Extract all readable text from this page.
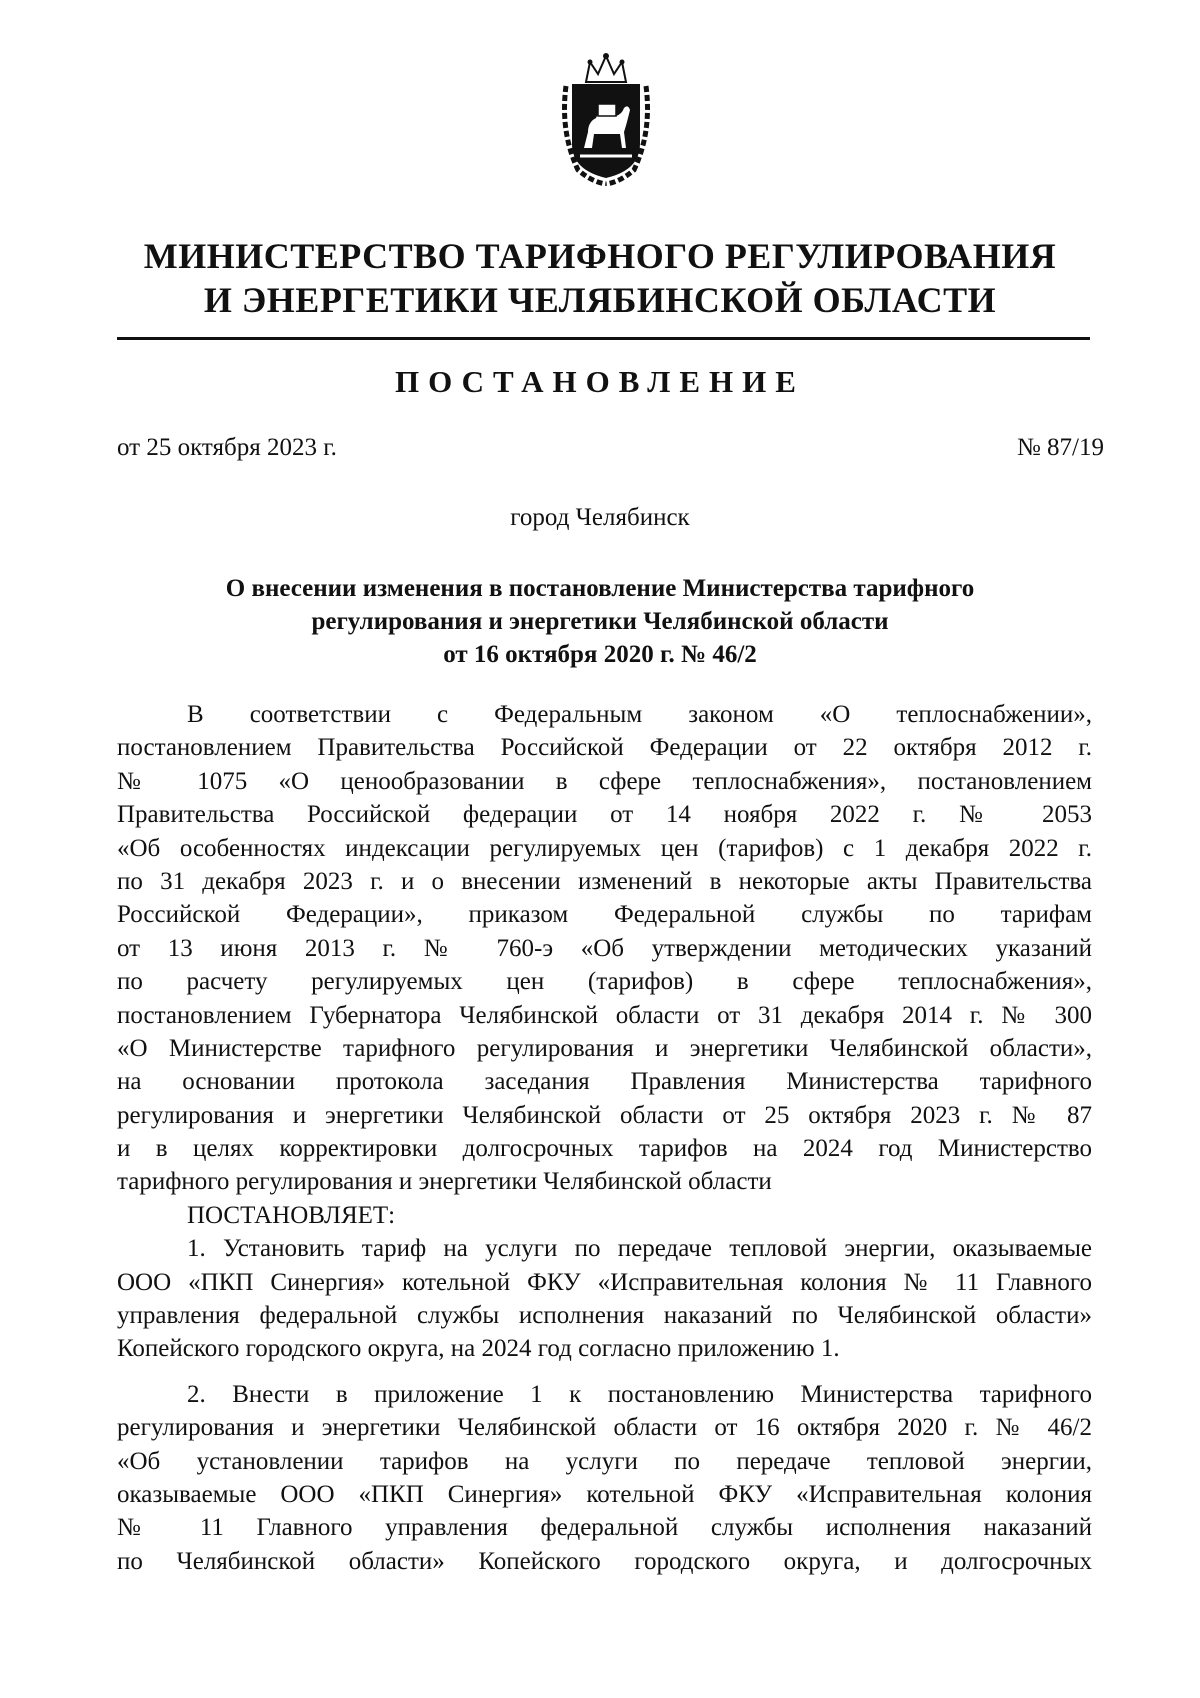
МИНИСТЕРСТВО ТАРИФНОГО РЕГУЛИРОВАНИЯ
И ЭНЕРГЕТИКИ ЧЕЛЯБИНСКОЙ ОБЛАСТИ
ПОСТАНОВЛЕНИЕ
от 25 октября 2023 г.	№ 87/19
город Челябинск
О внесении изменения в постановление Министерства тарифного
регулирования и энергетики Челябинской области
от 16 октября 2020 г. № 46/2
В соответствии с Федеральным законом «О теплоснабжении»,
постановлением Правительства Российской Федерации от 22 октября 2012 г.
№ 1075 «О ценообразовании в сфере теплоснабжения», постановлением
Правительства Российской федерации от 14 ноября 2022 г. № 2053
«Об особенностях индексации регулируемых цен (тарифов) с 1 декабря 2022 г.
по 31 декабря 2023 г. и о внесении изменений в некоторые акты Правительства
Российской Федерации», приказом Федеральной службы по тарифам
от 13 июня 2013 г. № 760-э «Об утверждении методических указаний
по расчету регулируемых цен (тарифов) в сфере теплоснабжения»,
постановлением Губернатора Челябинской области от 31 декабря 2014 г. № 300
«О Министерстве тарифного регулирования и энергетики Челябинской области»,
на основании протокола заседания Правления Министерства тарифного
регулирования и энергетики Челябинской области от 25 октября 2023 г. № 87
и в целях корректировки долгосрочных тарифов на 2024 год Министерство
тарифного регулирования и энергетики Челябинской области
ПОСТАНОВЛЯЕТ:
1. Установить тариф на услуги по передаче тепловой энергии, оказываемые
ООО «ПКП Синергия» котельной ФКУ «Исправительная колония № 11 Главного
управления федеральной службы исполнения наказаний по Челябинской области»
Копейского городского округа, на 2024 год согласно приложению 1.
2. Внести в приложение 1 к постановлению Министерства тарифного
регулирования и энергетики Челябинской области от 16 октября 2020 г. № 46/2
«Об установлении тарифов на услуги по передаче тепловой энергии,
оказываемые ООО «ПКП Синергия» котельной ФКУ «Исправительная колония
№ 11 Главного управления федеральной службы исполнения наказаний
по Челябинской области» Копейского городского округа, и долгосрочных
